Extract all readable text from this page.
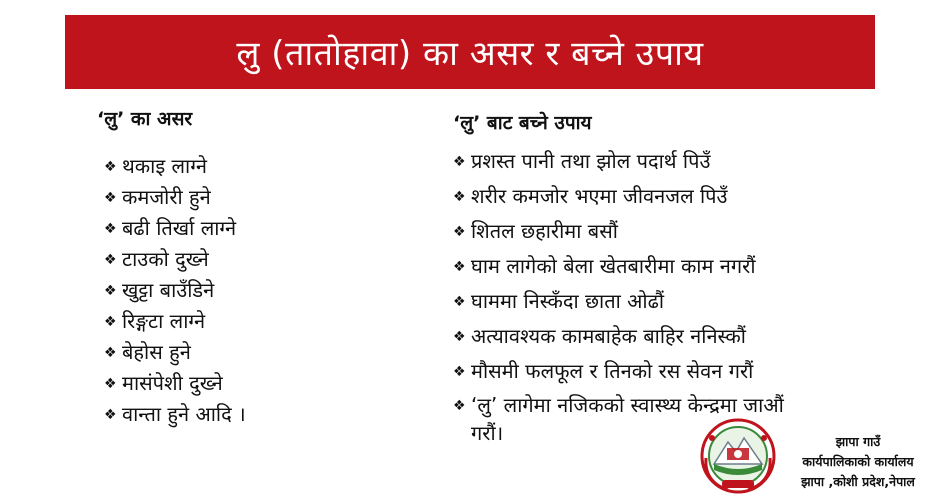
लु (तातोहावा) का असर र बच्ने उपाय
‘लु’ का असर
❖ थकाइ लाग्ने
❖ कमजोरी हुने
❖ बढी तिर्खा लाग्ने
❖ टाउको दुख्ने
❖ खुट्टा बाउँडिने
❖ रिङ्गटा लाग्ने
❖ बेहोस हुने
❖ मासंपेशी दुख्ने
❖ वान्ता हुने आदि ।
‘लु’ बाट बच्ने उपाय
❖ प्रशस्त पानी तथा झोल पदार्थ पिउँ
❖ शरीर कमजोर भएमा जीवनजल पिउँ
❖ शितल छहारीमा बसौं
❖ घाम लागेको बेला खेतबारीमा काम नगरौं
❖ घाममा निस्कँदा छाता ओढौं
❖ अत्यावश्यक कामबाहेक बाहिर ननिस्कौं
❖ मौसमी फलफूल र तिनको रस सेवन गरौं
❖ ‘लु’ लागेमा नजिकको स्वास्थ्य केन्द्रमा जाऔं गरौं।	झापा गाउँ
कार्यपालिकाको कार्यालय
झापा ,कोशी प्रदेश,नेपाल
